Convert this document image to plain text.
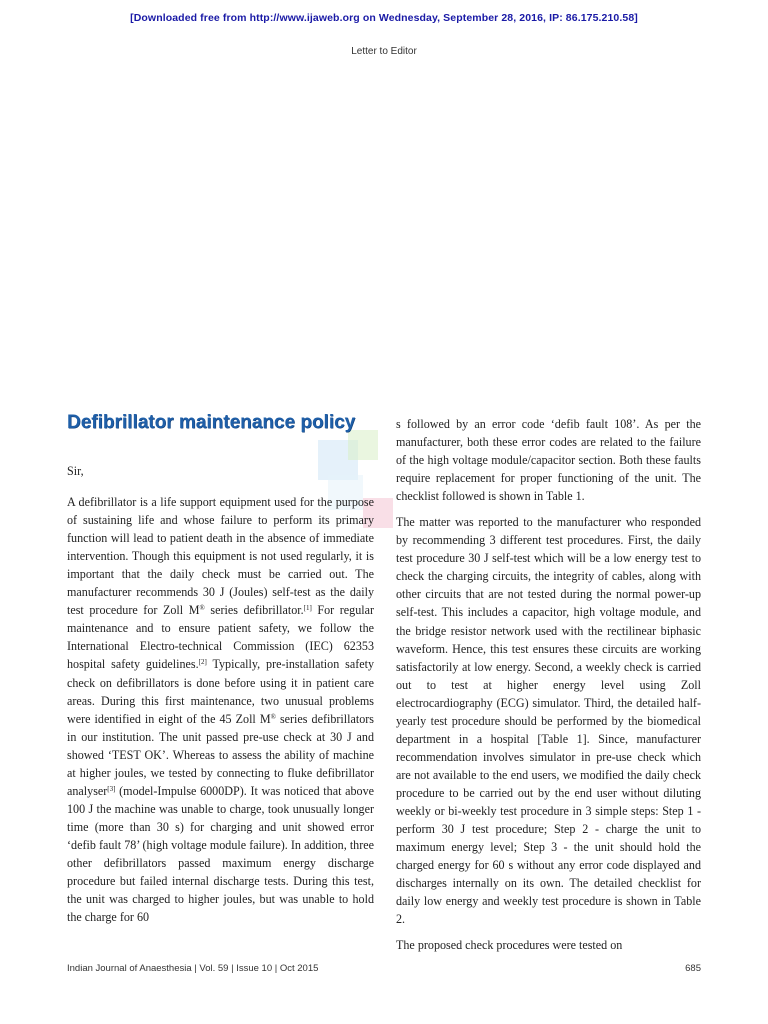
[Downloaded free from http://www.ijaweb.org on Wednesday, September 28, 2016, IP: 86.175.210.58]
Letter to Editor
Defibrillator maintenance policy

Sir,

A defibrillator is a life support equipment used for the purpose of sustaining life and whose failure to perform its primary function will lead to patient death in the absence of immediate intervention. Though this equipment is not used regularly, it is important that the daily check must be carried out. The manufacturer recommends 30 J (Joules) self-test as the daily test procedure for Zoll M® series defibrillator.[1] For regular maintenance and to ensure patient safety, we follow the International Electro-technical Commission (IEC) 62353 hospital safety guidelines.[2] Typically, pre-installation safety check on defibrillators is done before using it in patient care areas. During this first maintenance, two unusual problems were identified in eight of the 45 Zoll M® series defibrillators in our institution. The unit passed pre-use check at 30 J and showed ‘TEST OK’. Whereas to assess the ability of machine at higher joules, we tested by connecting to fluke defibrillator analyser[3] (model-Impulse 6000DP). It was noticed that above 100 J the machine was unable to charge, took unusually longer time (more than 30 s) for charging and unit showed error ‘defib fault 78’ (high voltage module failure). In addition, three other defibrillators passed maximum energy discharge procedure but failed internal discharge tests. During this test, the unit was charged to higher joules, but was unable to hold the charge for 60

s followed by an error code ‘defib fault 108’. As per the manufacturer, both these error codes are related to the failure of the high voltage module/capacitor section. Both these faults require replacement for proper functioning of the unit. The checklist followed is shown in Table 1.

The matter was reported to the manufacturer who responded by recommending 3 different test procedures. First, the daily test procedure 30 J self-test which will be a low energy test to check the charging circuits, the integrity of cables, along with other circuits that are not tested during the normal power-up self-test. This includes a capacitor, high voltage module, and the bridge resistor network used with the rectilinear biphasic waveform. Hence, this test ensures these circuits are working satisfactorily at low energy. Second, a weekly check is carried out to test at higher energy level using Zoll electrocardiography (ECG) simulator. Third, the detailed half-yearly test procedure should be performed by the biomedical department in a hospital [Table 1]. Since, manufacturer recommendation involves simulator in pre-use check which are not available to the end users, we modified the daily check procedure to be carried out by the end user without diluting weekly or bi-weekly test procedure in 3 simple steps: Step 1 - perform 30 J test procedure; Step 2 - charge the unit to maximum energy level; Step 3 - the unit should hold the charged energy for 60 s without any error code displayed and discharges internally on its own. The detailed checklist for daily low energy and weekly test procedure is shown in Table 2.

The proposed check procedures were tested on

Indian Journal of Anaesthesia | Vol. 59 | Issue 10 | Oct 2015	685
